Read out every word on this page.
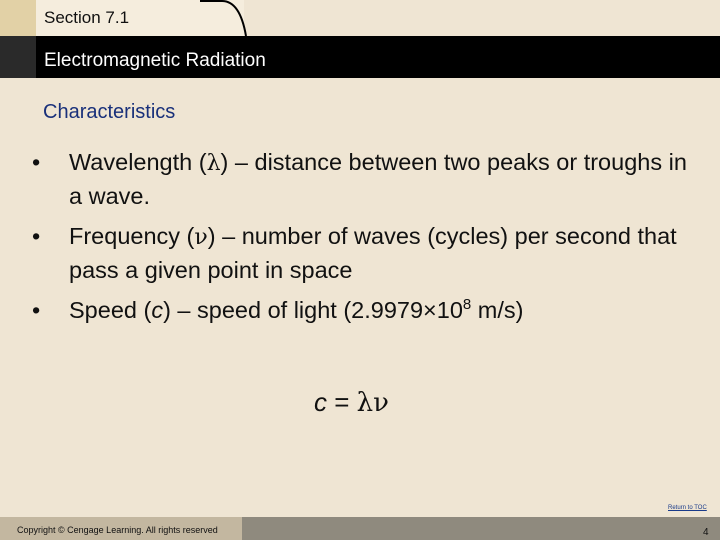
Section 7.1
Electromagnetic Radiation
Characteristics
• Wavelength (λ) – distance between two peaks or troughs in a wave.
• Frequency (ν) – number of waves (cycles) per second that pass a given point in space
• Speed (c) – speed of light ($2.9979\times 10^8$ m/s)
c = λν
Return to TOC
Copyright © Cengage Learning. All rights reserved	4
